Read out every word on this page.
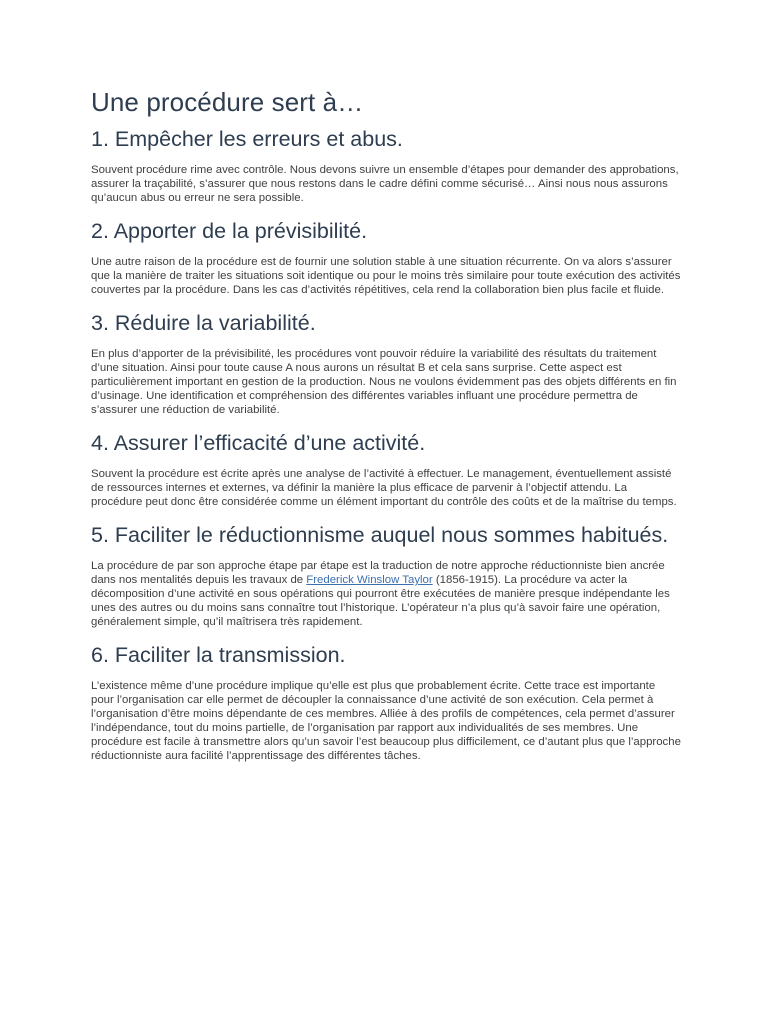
Une procédure sert à…
1. Empêcher les erreurs et abus.

Souvent procédure rime avec contrôle. Nous devons suivre un ensemble d’étapes pour demander des approbations, assurer la traçabilité, s’assurer que nous restons dans le cadre défini comme sécurisé… Ainsi nous nous assurons qu’aucun abus ou erreur ne sera possible.

2. Apporter de la prévisibilité.

Une autre raison de la procédure est de fournir une solution stable à une situation récurrente. On va alors s’assurer que la manière de traiter les situations soit identique ou pour le moins très similaire pour toute exécution des activités couvertes par la procédure. Dans les cas d’activités répétitives, cela rend la collaboration bien plus facile et fluide.

3. Réduire la variabilité.

En plus d’apporter de la prévisibilité, les procédures vont pouvoir réduire la variabilité des résultats du traitement d’une situation. Ainsi pour toute cause A nous aurons un résultat B et cela sans surprise. Cette aspect est particulièrement important en gestion de la production. Nous ne voulons évidemment pas des objets différents en fin d’usinage. Une identification et compréhension des différentes variables influant une procédure permettra de s’assurer une réduction de variabilité.

4. Assurer l’efficacité d’une activité.

Souvent la procédure est écrite après une analyse de l’activité à effectuer. Le management, éventuellement assisté de ressources internes et externes, va définir la manière la plus efficace de parvenir à l’objectif attendu. La procédure peut donc être considérée comme un élément important du contrôle des coûts et de la maîtrise du temps.

5. Faciliter le réductionnisme auquel nous sommes habitués.

La procédure de par son approche étape par étape est la traduction de notre approche réductionniste bien ancrée dans nos mentalités depuis les travaux de Frederick Winslow Taylor (1856-1915). La procédure va acter la décomposition d’une activité en sous opérations qui pourront être exécutées de manière presque indépendante les unes des autres ou du moins sans connaître tout l’historique. L’opérateur n’a plus qu’à savoir faire une opération, généralement simple, qu’il maîtrisera très rapidement.

6. Faciliter la transmission.

L’existence même d’une procédure implique qu’elle est plus que probablement écrite. Cette trace est importante pour l’organisation car elle permet de découpler la connaissance d’une activité de son exécution. Cela permet à l’organisation d’être moins dépendante de ces membres. Alliée à des profils de compétences, cela permet d’assurer l’indépendance, tout du moins partielle, de l’organisation par rapport aux individualités de ses membres. Une procédure est facile à transmettre alors qu’un savoir l’est beaucoup plus difficilement, ce d’autant plus que l’approche réductionniste aura facilité l’apprentissage des différentes tâches.
